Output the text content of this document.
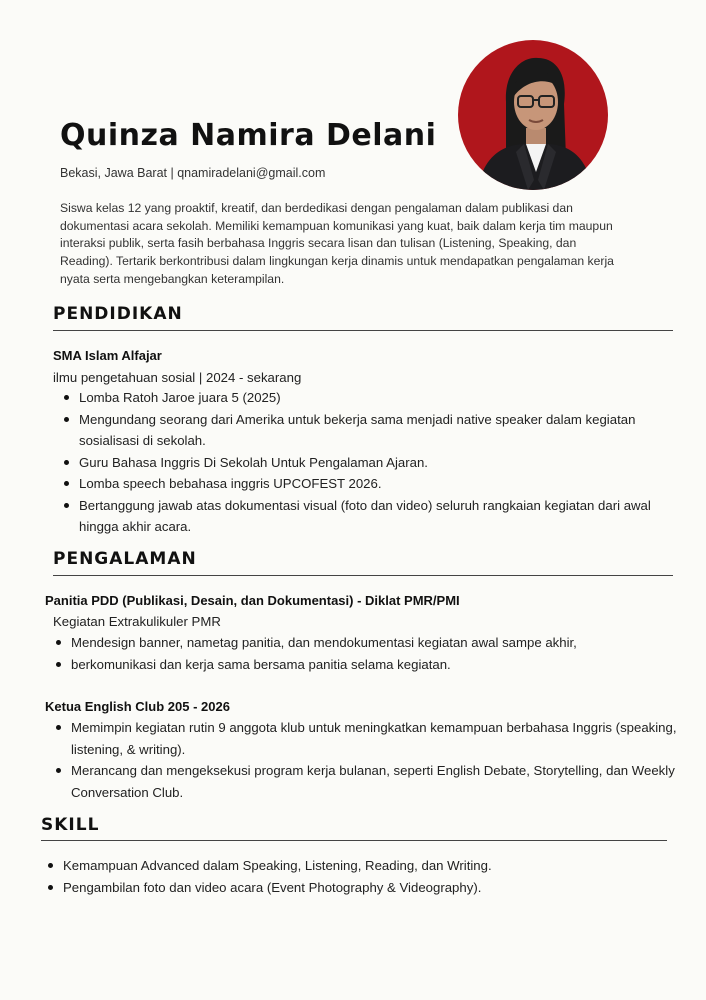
Quinza Namira Delani
Bekasi, Jawa Barat | qnamiradelani@gmail.com

Siswa kelas 12 yang proaktif, kreatif, dan berdedikasi dengan pengalaman dalam publikasi dan dokumentasi acara sekolah. Memiliki kemampuan komunikasi yang kuat, baik dalam kerja tim maupun interaksi publik, serta fasih berbahasa Inggris secara lisan dan tulisan (Listening, Speaking, dan Reading). Tertarik berkontribusi dalam lingkungan kerja dinamis untuk mendapatkan pengalaman kerja nyata serta mengebangkan keterampilan.

PENDIDIKAN
SMA Islam Alfajar
ilmu pengetahuan sosial | 2024 - sekarang
Lomba Ratoh Jaroe juara 5 (2025)
Mengundang seorang dari Amerika untuk bekerja sama menjadi native speaker dalam kegiatan sosialisasi di sekolah.
Guru Bahasa Inggris Di Sekolah Untuk Pengalaman Ajaran.
Lomba speech bebahasa inggris UPCOFEST 2026.
Bertanggung jawab atas dokumentasi visual (foto dan video) seluruh rangkaian kegiatan dari awal hingga akhir acara.
PENGALAMAN
Panitia PDD (Publikasi, Desain, dan Dokumentasi) - Diklat PMR/PMI
Kegiatan Extrakulikuler PMR
Mendesign banner, nametag panitia, dan mendokumentasi kegiatan awal sampe akhir,
berkomunikasi dan kerja sama bersama panitia selama kegiatan.
Ketua English Club 205 - 2026
Memimpin kegiatan rutin 9 anggota klub untuk meningkatkan kemampuan berbahasa Inggris (speaking, listening, & writing).
Merancang dan mengeksekusi program kerja bulanan, seperti English Debate, Storytelling, dan Weekly Conversation Club.
SKILL
Kemampuan Advanced dalam Speaking, Listening, Reading, dan Writing.
Pengambilan foto dan video acara (Event Photography & Videography).
